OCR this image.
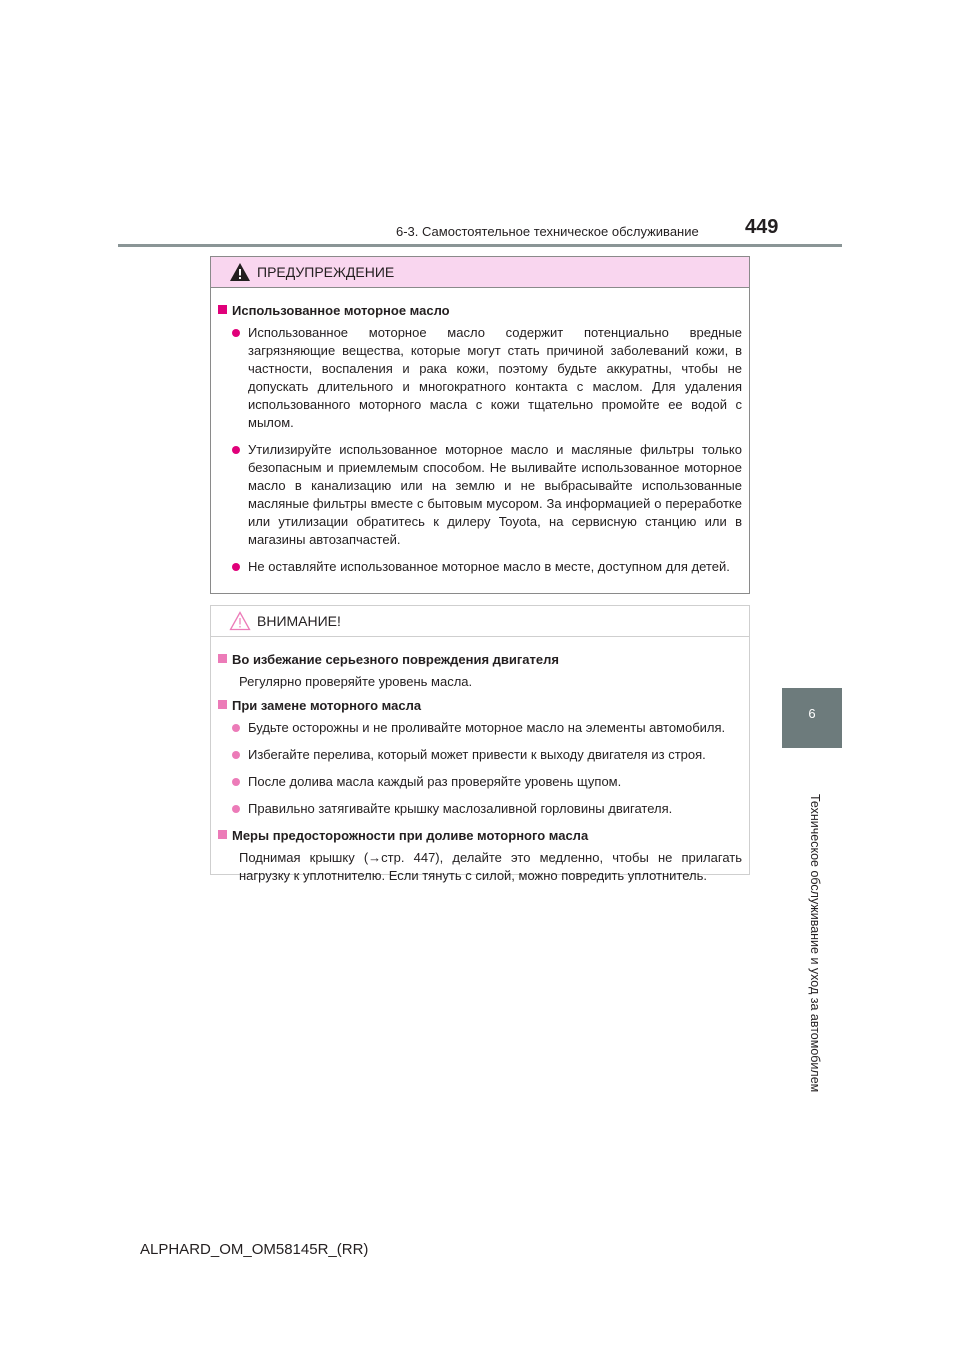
6-3. Самостоятельное техническое обслуживание 449
6
Техническое обслуживание и уход за автомобилем
ПРЕДУПРЕЖДЕНИЕ
Использованное моторное масло
Использованное моторное масло содержит потенциально вредные загрязняющие вещества, которые могут стать причиной заболеваний кожи, в частности, воспаления и рака кожи, поэтому будьте аккуратны, чтобы не допускать длительного и многократного контакта с маслом. Для удаления использованного моторного масла с кожи тщательно промойте ее водой с мылом.
Утилизируйте использованное моторное масло и масляные фильтры только безопасным и приемлемым способом. Не выливайте использованное моторное масло в канализацию или на землю и не выбрасывайте использованные масляные фильтры вместе с бытовым мусором. За информацией о переработке или утилизации обратитесь к дилеру Toyota, на сервисную станцию или в магазины автозапчастей.
Не оставляйте использованное моторное масло в месте, доступном для детей.
ВНИМАНИЕ!
Во избежание серьезного повреждения двигателя
Регулярно проверяйте уровень масла.
При замене моторного масла
Будьте осторожны и не проливайте моторное масло на элементы автомобиля.
Избегайте перелива, который может привести к выходу двигателя из строя.
После долива масла каждый раз проверяйте уровень щупом.
Правильно затягивайте крышку маслозаливной горловины двигателя.
Меры предосторожности при доливе моторного масла
Поднимая крышку (→стр. 447), делайте это медленно, чтобы не прилагать нагрузку к уплотнителю. Если тянуть с силой, можно повредить уплотнитель.
ALPHARD_OM_OM58145R_(RR)
